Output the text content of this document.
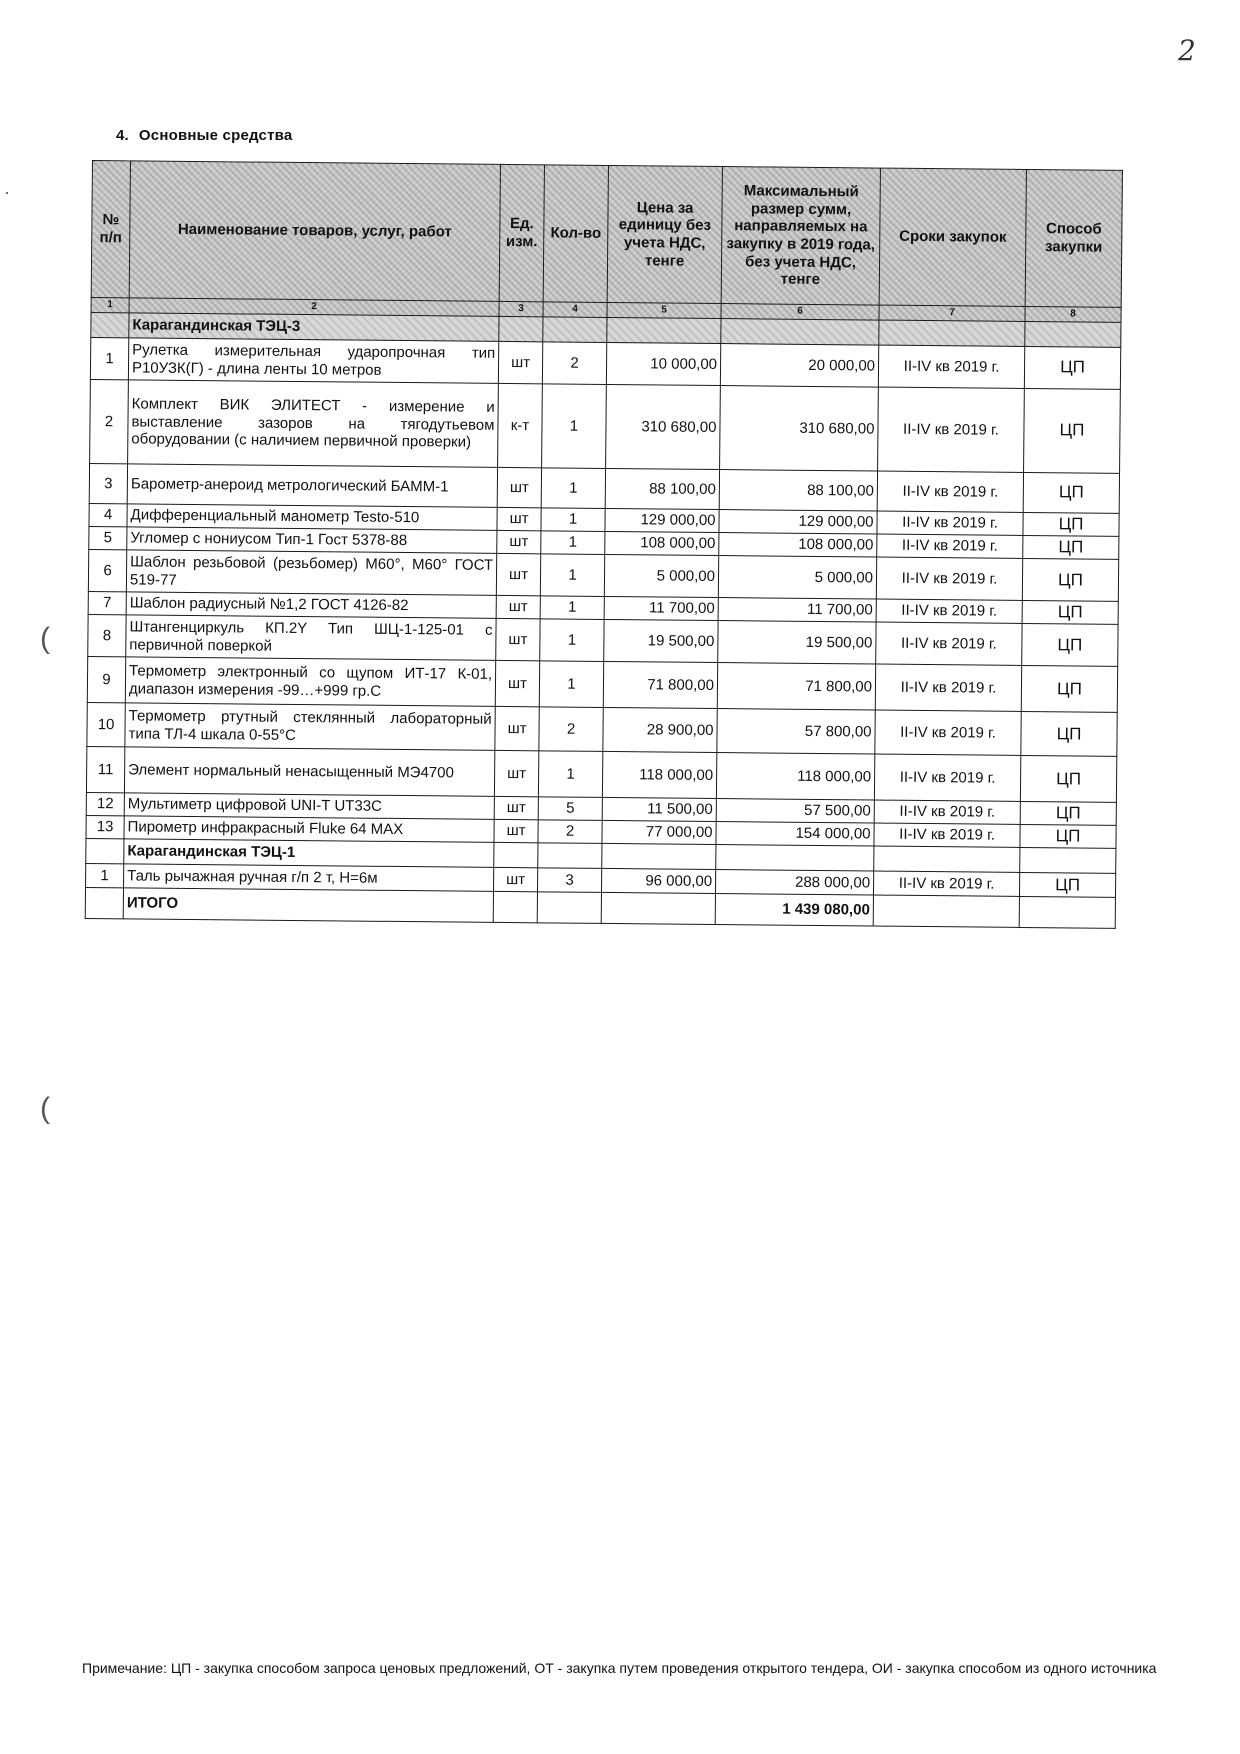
2
·
(
(
4. Основные средства
№ п/п	Наименование товаров, услуг, работ	Ед. изм.	Кол-во	Цена за единицу без учета НДС, тенге	Максимальный размер сумм, направляемых на закупку в 2019 года, без учета НДС, тенге	Сроки закупок	Способ закупки
1	2	3	4	5	6	7	8
	Карагандинская ТЭЦ-3						
1	Рулетка измерительная ударопрочная тип Р10УЗК(Г) - длина ленты 10 метров	шт	2	10 000,00	20 000,00	II-IV кв 2019 г.	ЦП
2	Комплект ВИК ЭЛИТЕСТ - измерение и выставление зазоров на тягодутьевом оборудовании (с наличием первичной проверки)	к-т	1	310 680,00	310 680,00	II-IV кв 2019 г.	ЦП
3	Барометр-анероид метрологический БАММ-1	шт	1	88 100,00	88 100,00	II-IV кв 2019 г.	ЦП
4	Дифференциальный манометр Testo-510	шт	1	129 000,00	129 000,00	II-IV кв 2019 г.	ЦП
5	Угломер с нониусом Тип-1 Гост 5378-88	шт	1	108 000,00	108 000,00	II-IV кв 2019 г.	ЦП
6	Шаблон резьбовой (резьбомер) М60°, М60° ГОСТ 519-77	шт	1	5 000,00	5 000,00	II-IV кв 2019 г.	ЦП
7	Шаблон радиусный №1,2 ГОСТ 4126-82	шт	1	11 700,00	11 700,00	II-IV кв 2019 г.	ЦП
8	Штангенциркуль КП.2Y Тип ШЦ-1-125-01 с первичной поверкой	шт	1	19 500,00	19 500,00	II-IV кв 2019 г.	ЦП
9	Термометр электронный со щупом ИТ-17 К-01, диапазон измерения -99…+999 гр.С	шт	1	71 800,00	71 800,00	II-IV кв 2019 г.	ЦП
10	Термометр ртутный стеклянный лабораторный типа ТЛ-4 шкала 0-55°С	шт	2	28 900,00	57 800,00	II-IV кв 2019 г.	ЦП
11	Элемент нормальный ненасыщенный МЭ4700	шт	1	118 000,00	118 000,00	II-IV кв 2019 г.	ЦП
12	Мультиметр цифровой UNI-T UT33C	шт	5	11 500,00	57 500,00	II-IV кв 2019 г.	ЦП
13	Пирометр инфракрасный Fluke 64 MAX	шт	2	77 000,00	154 000,00	II-IV кв 2019 г.	ЦП
	Карагандинская ТЭЦ-1						
1	Таль рычажная ручная г/п 2 т, Н=6м	шт	3	96 000,00	288 000,00	II-IV кв 2019 г.	ЦП
	ИТОГО				1 439 080,00		
Примечание: ЦП - закупка способом запроса ценовых предложений, ОТ - закупка путем проведения открытого тендера, ОИ - закупка способом из одного источника
